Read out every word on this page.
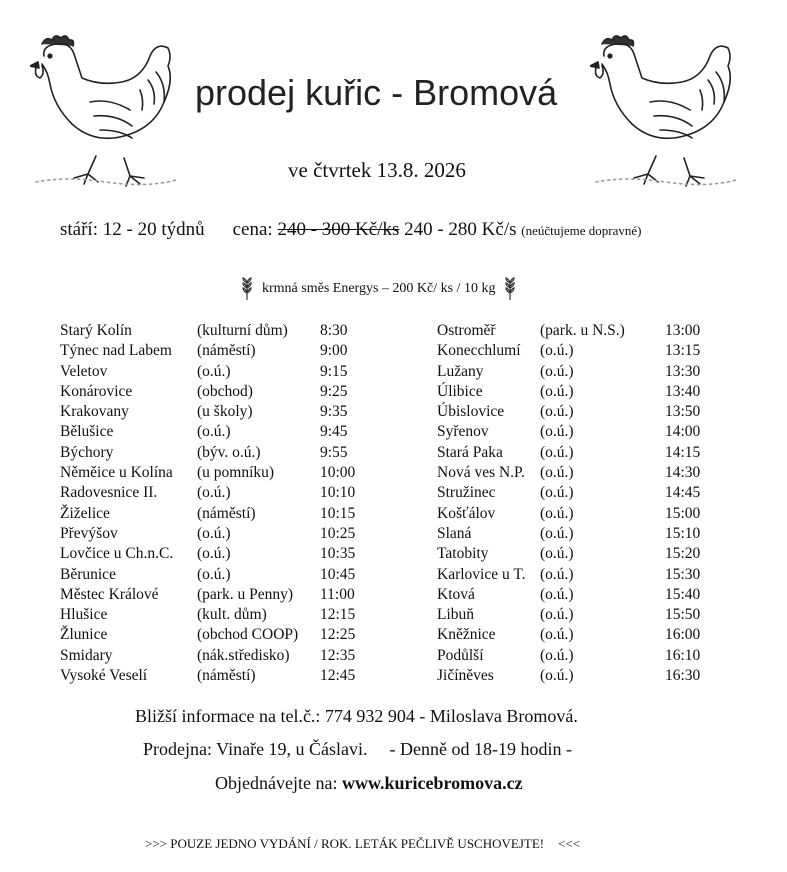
prodej kuřic - Bromová
ve čtvrtek 13.8. 2026
stáří: 12 - 20 týdnů cena: 240 - 300 Kč/ks 240 - 280 Kč/s (neúčtujeme dopravné)
krmná směs Energys – 200 Kč/ ks / 10 kg
Starý Kolín	(kulturní dům) 8:30
Týnec nad Labem (náměstí)	9:00
Veletov	(o.ú.)	9:15
Konárovice	(obchod)	9:25
Krakovany	(u školy)	9:35
Bělušice	(o.ú.)	9:45
Býchory	(býv. o.ú.)	9:55
Něměice u Kolína (u pomníku)	10:00
Radovesnice II.	(o.ú.)	10:10
Žiželice	(náměstí)	10:15
Převýšov	(o.ú.)	10:25
Lovčice u Ch.n.C. (o.ú.)	10:35
Běrunice	(o.ú.)	10:45
Městec Králové (park. u Penny) 11:00
Hlušice	(kult. dům)	12:15
Žlunice	(obchod COOP) 12:25
Smidary	(nák.středisko) 12:35
Vysoké Veselí	(náměstí)	12:45
Ostroměř	(park. u N.S.)	13:00
Konecchlumí (o.ú.)	13:15
Lužany	(o.ú.)	13:30
Úlibice	(o.ú.)	13:40
Úbislovice (o.ú.)	13:50
Syřenov	(o.ú.)	14:00
Stará Paka (o.ú.)	14:15
Nová ves N.P. (o.ú.)	14:30
Stružinec	(o.ú.)	14:45
Košťálov	(o.ú.)	15:00
Slaná	(o.ú.)	15:10
Tatobity	(o.ú.)	15:20
Karlovice u T. (o.ú.)	15:30
Ktová	(o.ú.)	15:40
Libuň	(o.ú.)	15:50
Kněžnice	(o.ú.)	16:00
Podůlší	(o.ú.)	16:10
Jičíněves	(o.ú.)	16:30
Bližší informace na tel.č.: 774 932 904 - Miloslava Bromová.
Prodejna: Vinaře 19, u Čáslavi. - Denně od 18-19 hodin -
Objednávejte na: www.kuricebromova.cz
>>> POUZE JEDNO VYDÁNÍ / ROK. LETÁK PEČLIVĚ USCHOVEJTE! <<<
